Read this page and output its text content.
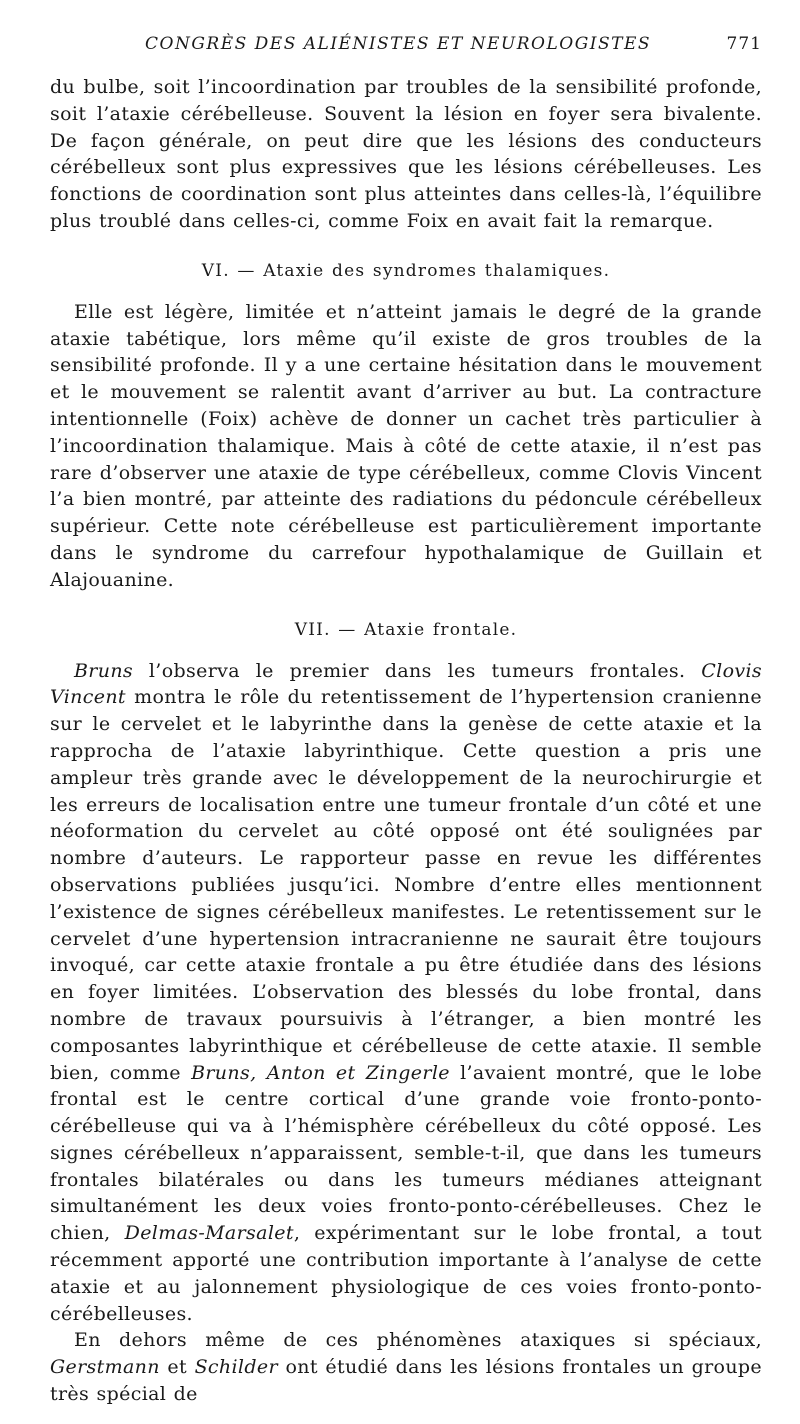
CONGRÈS DES ALIÉNISTES ET NEUROLOGISTES	771

du bulbe, soit l’incoordination par troubles de la sensibilité profonde, soit l’ataxie cérébelleuse. Souvent la lésion en foyer sera bivalente. De façon générale, on peut dire que les lésions des conducteurs cérébelleux sont plus expressives que les lésions cérébelleuses. Les fonctions de coordination sont plus atteintes dans celles-là, l’équilibre plus troublé dans celles-ci, comme Foix en avait fait la remarque.

VI. — Ataxie des syndromes thalamiques.

Elle est légère, limitée et n’atteint jamais le degré de la grande ataxie tabétique, lors même qu’il existe de gros troubles de la sensibilité profonde. Il y a une certaine hésitation dans le mouvement et le mouvement se ralentit avant d’arriver au but. La contracture intentionnelle (Foix) achève de donner un cachet très particulier à l’incoordination thalamique. Mais à côté de cette ataxie, il n’est pas rare d’observer une ataxie de type cérébelleux, comme Clovis Vincent l’a bien montré, par atteinte des radiations du pédoncule cérébelleux supérieur. Cette note cérébelleuse est particulièrement importante dans le syndrome du carrefour hypothalamique de Guillain et Alajouanine.

VII. — Ataxie frontale.

Bruns l’observa le premier dans les tumeurs frontales. Clovis Vincent montra le rôle du retentissement de l’hypertension cranienne sur le cervelet et le labyrinthe dans la genèse de cette ataxie et la rapprocha de l’ataxie labyrinthique. Cette question a pris une ampleur très grande avec le développement de la neurochirurgie et les erreurs de localisation entre une tumeur frontale d’un côté et une néoformation du cervelet au côté opposé ont été soulignées par nombre d’auteurs. Le rapporteur passe en revue les différentes observations publiées jusqu’ici. Nombre d’entre elles mentionnent l’existence de signes cérébelleux manifestes. Le retentissement sur le cervelet d’une hypertension intracranienne ne saurait être toujours invoqué, car cette ataxie frontale a pu être étudiée dans des lésions en foyer limitées. L’observation des blessés du lobe frontal, dans nombre de travaux poursuivis à l’étranger, a bien montré les composantes labyrinthique et cérébelleuse de cette ataxie. Il semble bien, comme Bruns, Anton et Zingerle l’avaient montré, que le lobe frontal est le centre cortical d’une grande voie fronto-ponto-cérébelleuse qui va à l’hémisphère cérébelleux du côté opposé. Les signes cérébelleux n’apparaissent, semble-t-il, que dans les tumeurs frontales bilatérales ou dans les tumeurs médianes atteignant simultanément les deux voies fronto-ponto-cérébelleuses. Chez le chien, Delmas-Marsalet, expérimentant sur le lobe frontal, a tout récemment apporté une contribution importante à l’analyse de cette ataxie et au jalonnement physiologique de ces voies fronto-ponto-cérébelleuses.

En dehors même de ces phénomènes ataxiques si spéciaux, Gerstmann et Schilder ont étudié dans les lésions frontales un groupe très spécial de
